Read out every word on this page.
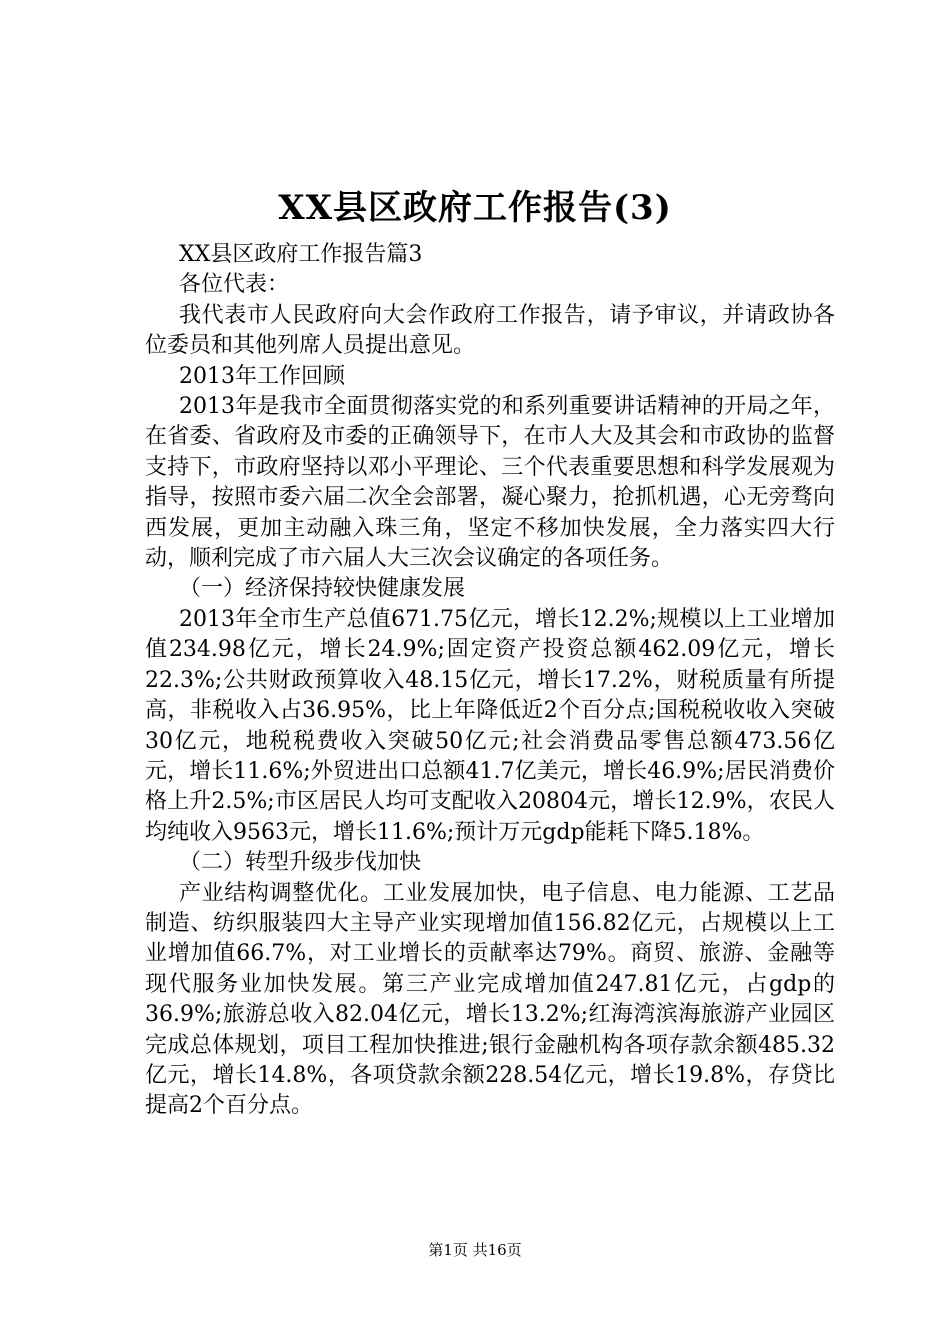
XX县区政府工作报告(3)

XX县区政府工作报告篇3

各位代表：

我代表市人民政府向大会作政府工作报告，请予审议，并请政协各位委员和其他列席人员提出意见。

2013年工作回顾

2013年是我市全面贯彻落实党的和系列重要讲话精神的开局之年，在省委、省政府及市委的正确领导下，在市人大及其会和市政协的监督支持下，市政府坚持以邓小平理论、三个代表重要思想和科学发展观为指导，按照市委六届二次全会部署，凝心聚力，抢抓机遇，心无旁骛向西发展，更加主动融入珠三角，坚定不移加快发展，全力落实四大行动，顺利完成了市六届人大三次会议确定的各项任务。

（一）经济保持较快健康发展

2013年全市生产总值671.75亿元，增长12.2%;规模以上工业增加值234.98亿元，增长24.9%;固定资产投资总额462.09亿元，增长22.3%;公共财政预算收入48.15亿元，增长17.2%，财税质量有所提高，非税收入占36.95%，比上年降低近2个百分点;国税税收收入突破30亿元，地税税费收入突破50亿元;社会消费品零售总额473.56亿元，增长11.6%;外贸进出口总额41.7亿美元，增长46.9%;居民消费价格上升2.5%;市区居民人均可支配收入20804元，增长12.9%，农民人均纯收入9563元，增长11.6%;预计万元gdp能耗下降5.18%。

（二）转型升级步伐加快

产业结构调整优化。工业发展加快，电子信息、电力能源、工艺品制造、纺织服装四大主导产业实现增加值156.82亿元，占规模以上工业增加值66.7%，对工业增长的贡献率达79%。商贸、旅游、金融等现代服务业加快发展。第三产业完成增加值247.81亿元，占gdp的36.9%;旅游总收入82.04亿元，增长13.2%;红海湾滨海旅游产业园区完成总体规划，项目工程加快推进;银行金融机构各项存款余额485.32亿元，增长14.8%，各项贷款余额228.54亿元，增长19.8%，存贷比提高2个百分点。

第1页 共16页
